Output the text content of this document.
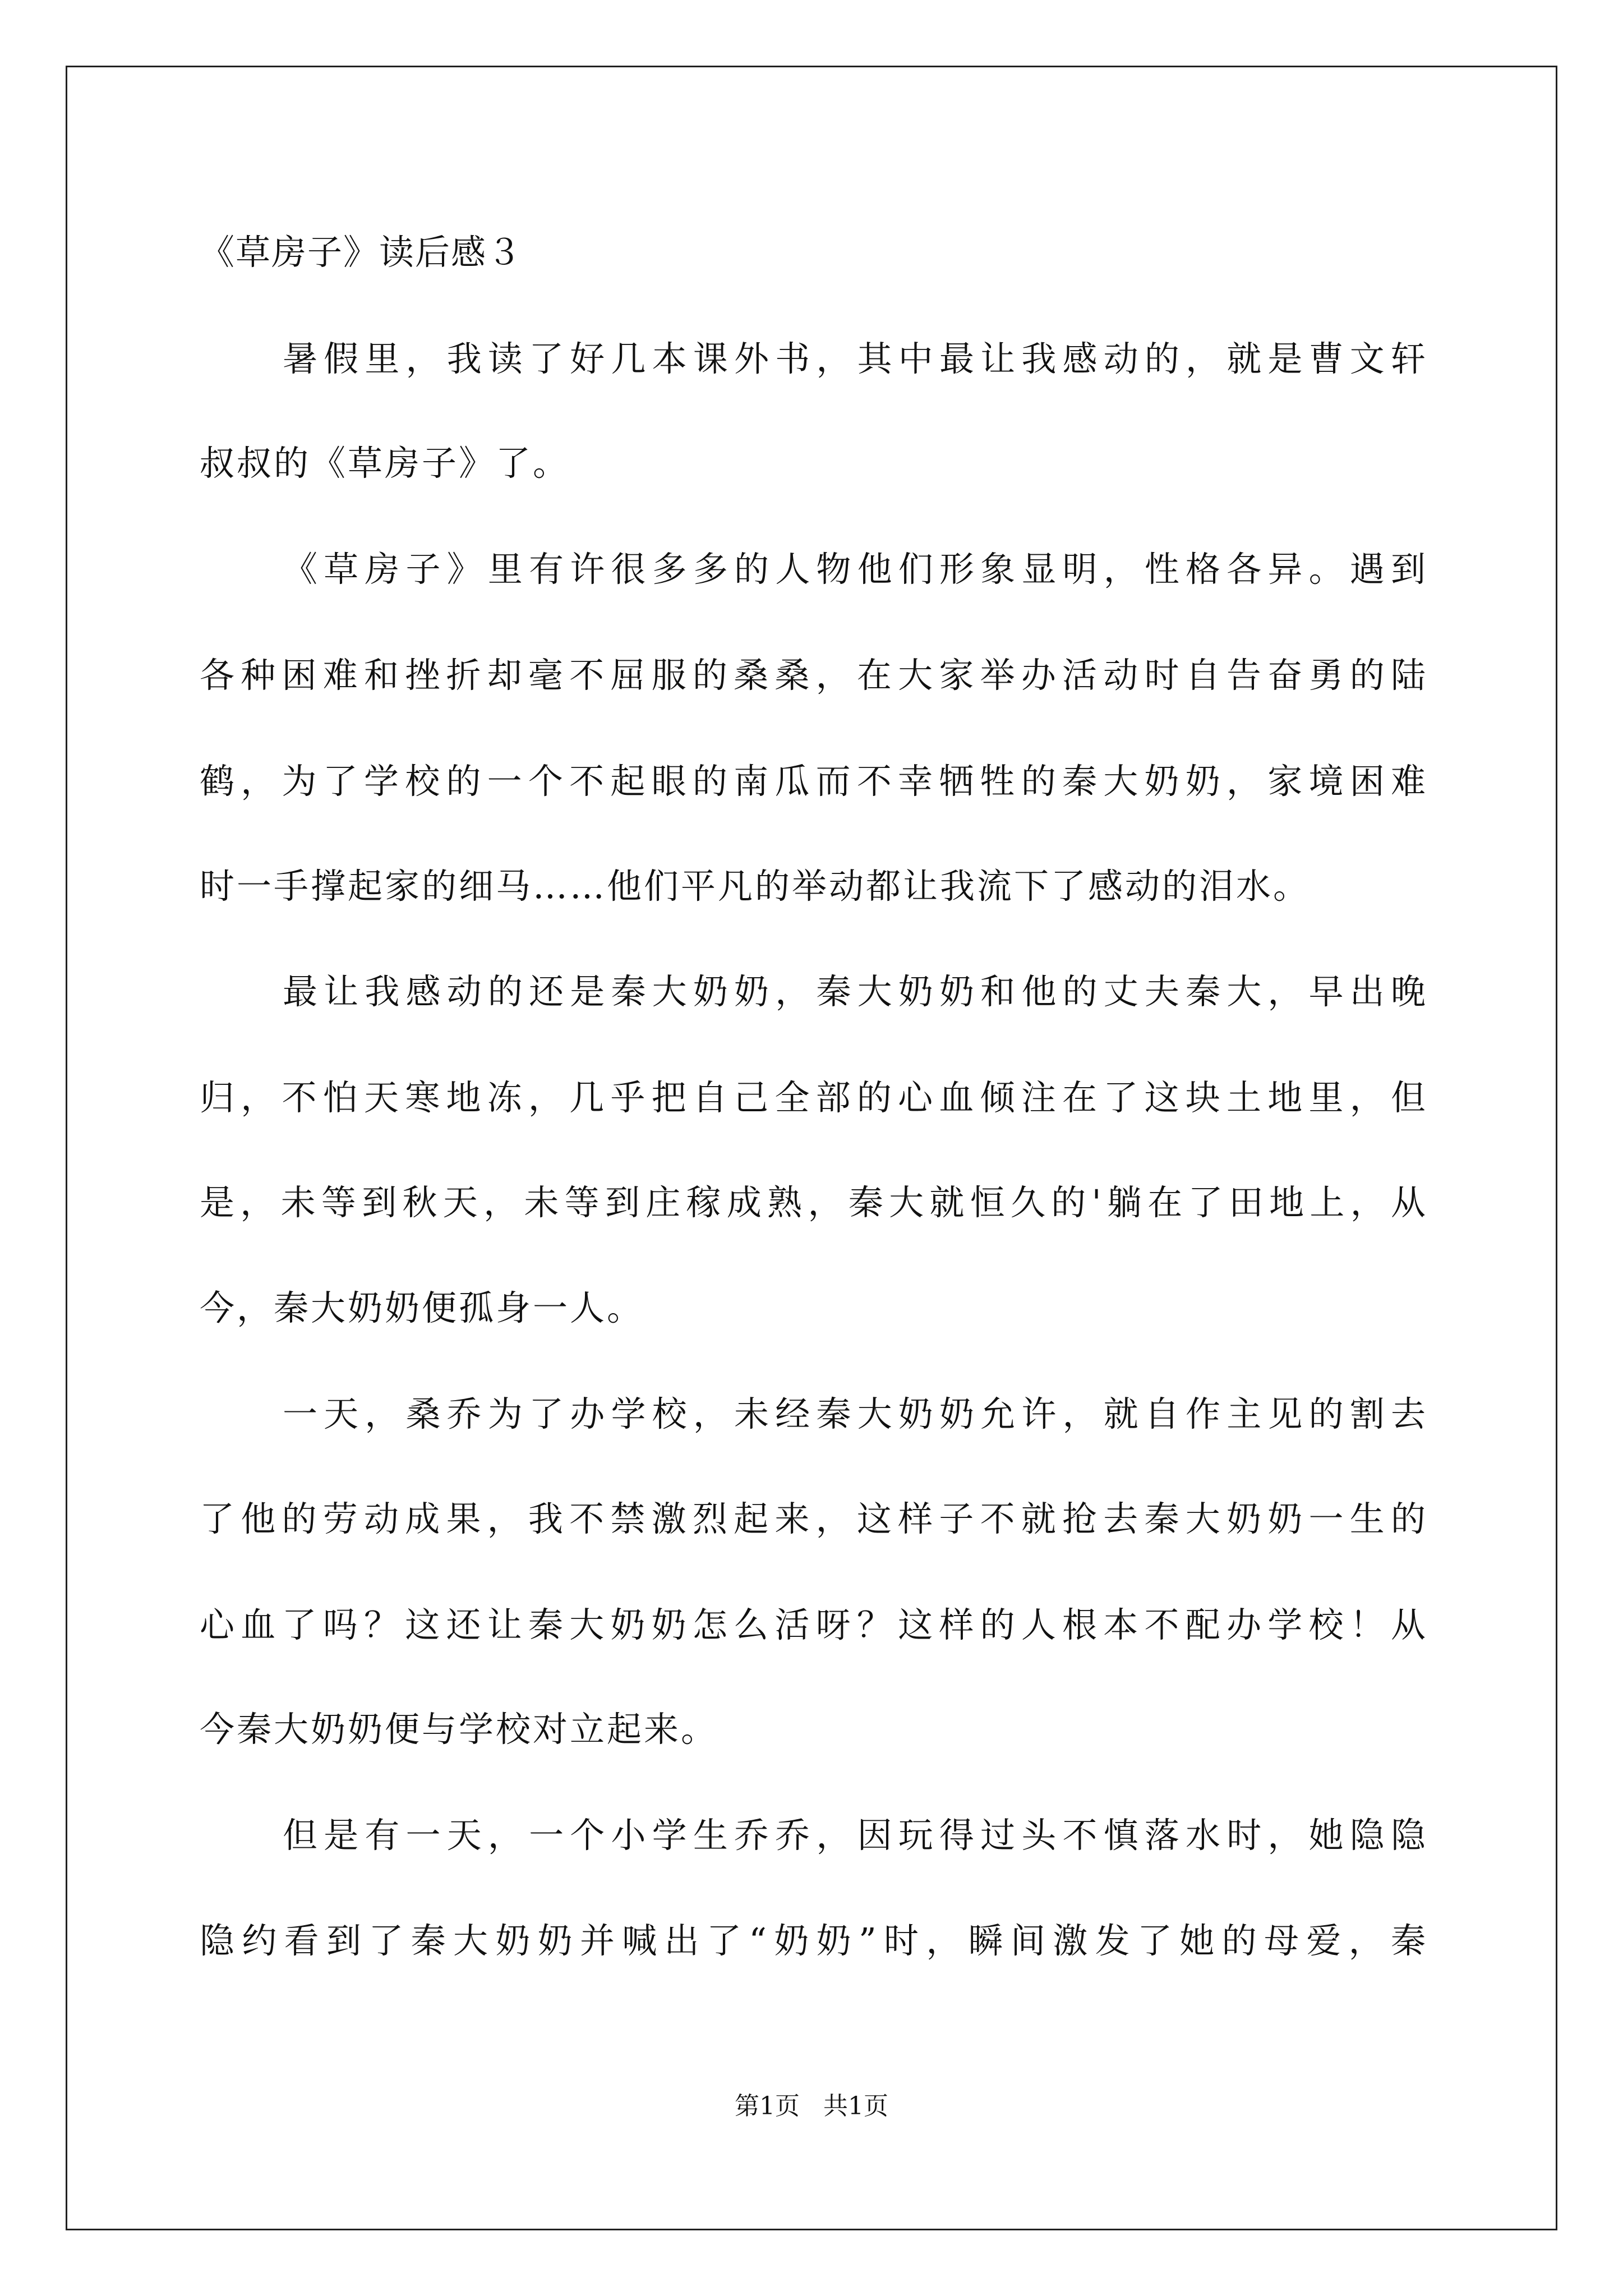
《草房子》读后感３
暑假里，我读了好几本课外书，其中最让我感动的，就是曹文轩
叔叔的《草房子》了。
《草房子》里有许很多多的人物他们形象显明，性格各异。遇到
各种困难和挫折却毫不屈服的桑桑，在大家举办活动时自告奋勇的陆
鹤，为了学校的一个不起眼的南瓜而不幸牺牲的秦大奶奶，家境困难
时一手撑起家的细马……他们平凡的举动都让我流下了感动的泪水。
最让我感动的还是秦大奶奶，秦大奶奶和他的丈夫秦大，早出晚
归，不怕天寒地冻，几乎把自己全部的心血倾注在了这块土地里，但
是，未等到秋天，未等到庄稼成熟，秦大就恒久的'躺在了田地上，从
今，秦大奶奶便孤身一人。
一天，桑乔为了办学校，未经秦大奶奶允许，就自作主见的割去
了他的劳动成果，我不禁激烈起来，这样子不就抢去秦大奶奶一生的
心血了吗？这还让秦大奶奶怎么活呀？这样的人根本不配办学校！从
今秦大奶奶便与学校对立起来。
但是有一天，一个小学生乔乔，因玩得过头不慎落水时，她隐隐
隐约看到了秦大奶奶并喊出了“奶奶”时，瞬间激发了她的母爱，秦
第1页   共1页
